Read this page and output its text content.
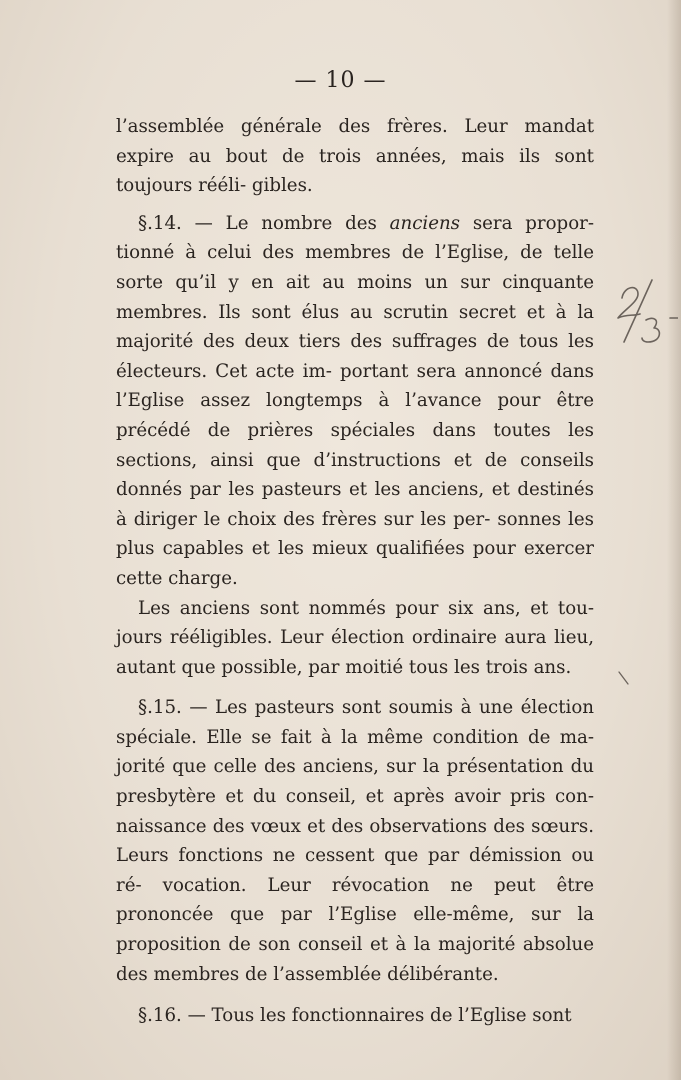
— 10 —

l’assemblée générale des frères. Leur mandat expire au bout de trois années, mais ils sont toujours rééli- gibles.

§.14. — Le nombre des anciens sera propor- tionné à celui des membres de l’Eglise, de telle sorte qu’il y en ait au moins un sur cinquante membres. Ils sont élus au scrutin secret et à la majorité des deux tiers des suffrages de tous les électeurs. Cet acte im- portant sera annoncé dans l’Eglise assez longtemps à l’avance pour être précédé de prières spéciales dans toutes les sections, ainsi que d’instructions et de conseils donnés par les pasteurs et les anciens, et destinés à diriger le choix des frères sur les per- sonnes les plus capables et les mieux qualifiées pour exercer cette charge.

Les anciens sont nommés pour six ans, et tou- jours rééligibles. Leur élection ordinaire aura lieu, autant que possible, par moitié tous les trois ans.

§.15. — Les pasteurs sont soumis à une élection spéciale. Elle se fait à la même condition de ma- jorité que celle des anciens, sur la présentation du presbytère et du conseil, et après avoir pris con- naissance des vœux et des observations des sœurs. Leurs fonctions ne cessent que par démission ou ré- vocation. Leur révocation ne peut être prononcée que par l’Eglise elle-même, sur la proposition de son conseil et à la majorité absolue des membres de l’assemblée délibérante.

§.16. — Tous les fonctionnaires de l’Eglise sont
